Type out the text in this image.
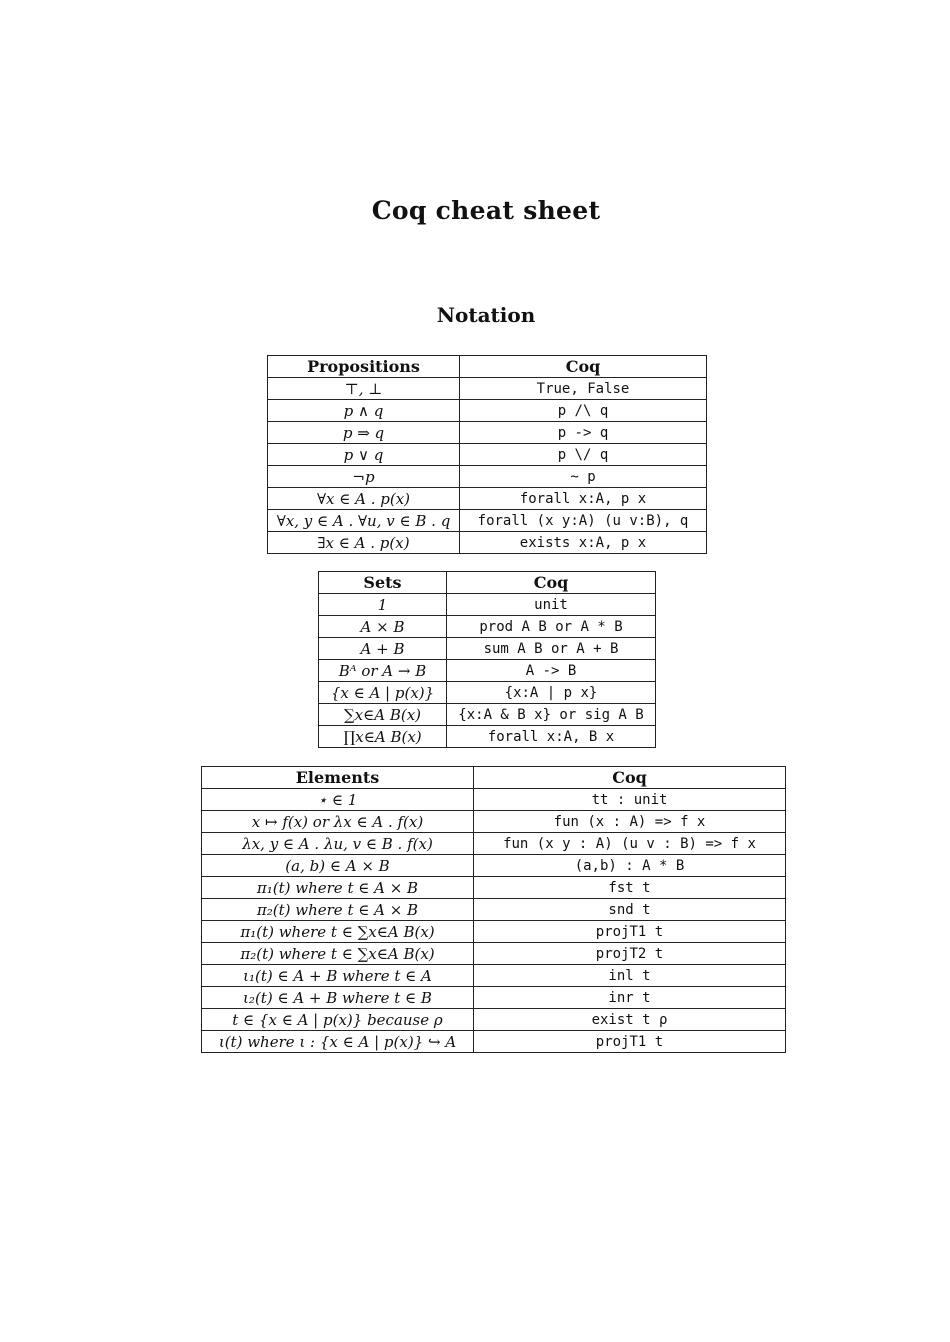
Coq cheat sheet
Notation
Propositions	Coq
⊤, ⊥	True, False
p ∧ q	p /\ q
p ⇒ q	p -> q
p ∨ q	p \/ q
¬p	~ p
∀x ∈ A . p(x)	forall x:A, p x
∀x, y ∈ A . ∀u, v ∈ B . q	forall (x y:A) (u v:B), q
∃x ∈ A . p(x)	exists x:A, p x
Sets	Coq
1	unit
A × B	prod A B or A * B
A + B	sum A B or A + B
Bᴬ or A → B	A -> B
{x ∈ A | p(x)}	{x:A | p x}
∑x∈A B(x)	{x:A & B x} or sig A B
∏x∈A B(x)	forall x:A, B x
Elements	Coq
⋆ ∈ 1	tt : unit
x ↦ f(x) or λx ∈ A . f(x)	fun (x : A) => f x
λx, y ∈ A . λu, v ∈ B . f(x)	fun (x y : A) (u v : B) => f x
(a, b) ∈ A × B	(a,b) : A * B
π₁(t) where t ∈ A × B	fst t
π₂(t) where t ∈ A × B	snd t
π₁(t) where t ∈ ∑x∈A B(x)	projT1 t
π₂(t) where t ∈ ∑x∈A B(x)	projT2 t
ι₁(t) ∈ A + B where t ∈ A	inl t
ι₂(t) ∈ A + B where t ∈ B	inr t
t ∈ {x ∈ A | p(x)} because ρ	exist t ρ
ι(t) where ι : {x ∈ A | p(x)} ↪ A	projT1 t
